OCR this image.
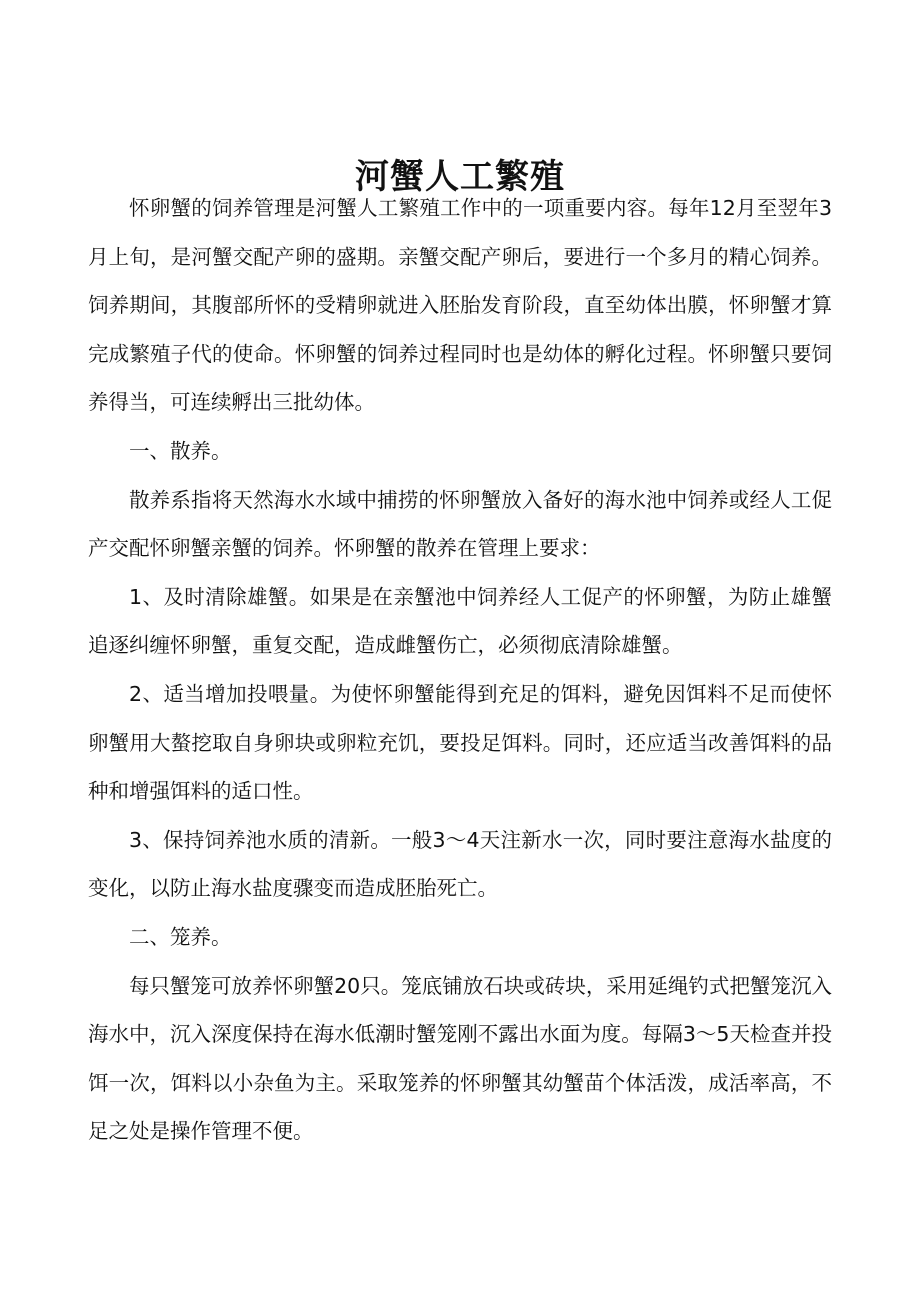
河蟹人工繁殖

怀卵蟹的饲养管理是河蟹人工繁殖工作中的一项重要内容。每年12月至翌年3月上旬，是河蟹交配产卵的盛期。亲蟹交配产卵后，要进行一个多月的精心饲养。饲养期间，其腹部所怀的受精卵就进入胚胎发育阶段，直至幼体出膜，怀卵蟹才算完成繁殖子代的使命。怀卵蟹的饲养过程同时也是幼体的孵化过程。怀卵蟹只要饲养得当，可连续孵出三批幼体。

一、散养。

散养系指将天然海水水域中捕捞的怀卵蟹放入备好的海水池中饲养或经人工促产交配怀卵蟹亲蟹的饲养。怀卵蟹的散养在管理上要求：

1、及时清除雄蟹。如果是在亲蟹池中饲养经人工促产的怀卵蟹，为防止雄蟹追逐纠缠怀卵蟹，重复交配，造成雌蟹伤亡，必须彻底清除雄蟹。

2、适当增加投喂量。为使怀卵蟹能得到充足的饵料，避免因饵料不足而使怀卵蟹用大螯挖取自身卵块或卵粒充饥，要投足饵料。同时，还应适当改善饵料的品种和增强饵料的适口性。

3、保持饲养池水质的清新。一般3～4天注新水一次，同时要注意海水盐度的变化，以防止海水盐度骤变而造成胚胎死亡。

二、笼养。

每只蟹笼可放养怀卵蟹20只。笼底铺放石块或砖块，采用延绳钓式把蟹笼沉入海水中，沉入深度保持在海水低潮时蟹笼刚不露出水面为度。每隔3～5天检查并投饵一次，饵料以小杂鱼为主。采取笼养的怀卵蟹其幼蟹苗个体活泼，成活率高，不足之处是操作管理不便。
